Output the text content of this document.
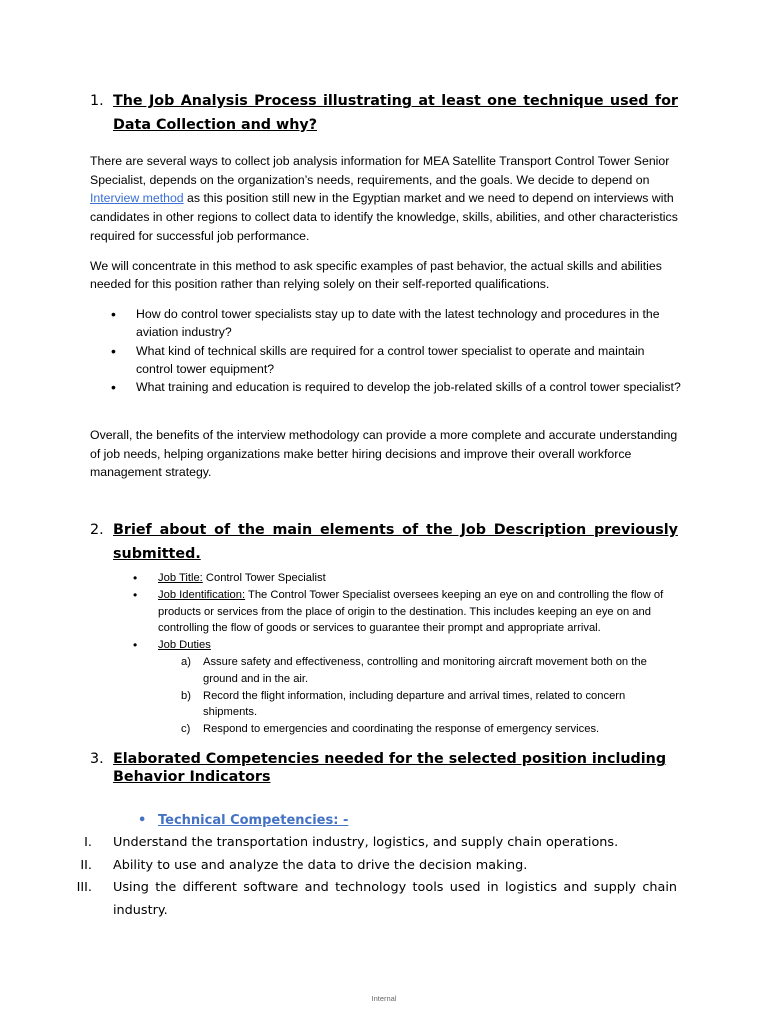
1. The Job Analysis Process illustrating at least one technique used for
Data Collection and why?

There are several ways to collect job analysis information for MEA Satellite Transport Control Tower Senior Specialist, depends on the organization’s needs, requirements, and the goals. We decide to depend on Interview method as this position still new in the Egyptian market and we need to depend on interviews with candidates in other regions to collect data to identify the knowledge, skills, abilities, and other characteristics required for successful job performance.

We will concentrate in this method to ask specific examples of past behavior, the actual skills and abilities needed for this position rather than relying solely on their self-reported qualifications.

• How do control tower specialists stay up to date with the latest technology and procedures in the aviation industry?
• What kind of technical skills are required for a control tower specialist to operate and maintain control tower equipment?
• What training and education is required to develop the job-related skills of a control tower specialist?
Overall, the benefits of the interview methodology can provide a more complete and accurate understanding of job needs, helping organizations make better hiring decisions and improve their overall workforce management strategy.
2. Brief about of the main elements of the Job Description previously
submitted.
• Job Title: Control Tower Specialist
• Job Identification: The Control Tower Specialist oversees keeping an eye on and controlling the flow of products or services from the place of origin to the destination. This includes keeping an eye on and controlling the flow of goods or services to guarantee their prompt and appropriate arrival.
• Job Duties
a) Assure safety and effectiveness, controlling and monitoring aircraft movement both on the ground and in the air.
b) Record the flight information, including departure and arrival times, related to concern shipments.
c) Respond to emergencies and coordinating the response of emergency services.
3. Elaborated Competencies needed for the selected position including
Behavior Indicators
• Technical Competencies: -
I. Understand the transportation industry, logistics, and supply chain operations.
II. Ability to use and analyze the data to drive the decision making.
III. Using the different software and technology tools used in logistics and supply chain industry.
Internal
